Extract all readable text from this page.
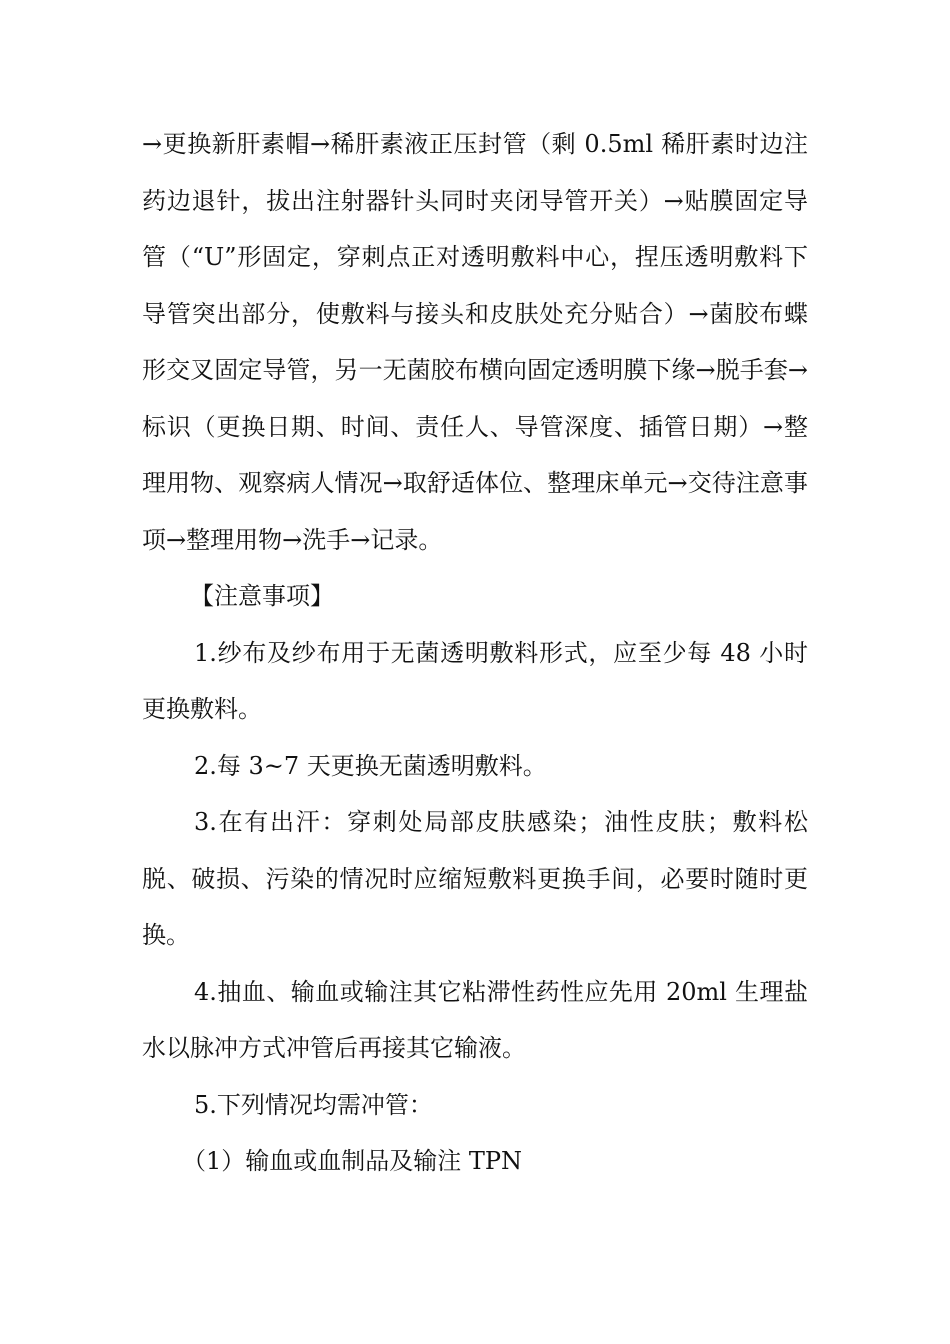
→更换新肝素帽→稀肝素液正压封管（剩 0.5ml 稀肝素时边注药边退针，拔出注射器针头同时夹闭导管开关）→贴膜固定导管（“U”形固定，穿刺点正对透明敷料中心，捏压透明敷料下导管突出部分，使敷料与接头和皮肤处充分贴合）→菌胶布蝶形交叉固定导管，另一无菌胶布横向固定透明膜下缘→脱手套→标识（更换日期、时间、责任人、导管深度、插管日期）→整理用物、观察病人情况→取舒适体位、整理床单元→交待注意事项→整理用物→洗手→记录。

【注意事项】

1.纱布及纱布用于无菌透明敷料形式，应至少每 48 小时更换敷料。

2.每 3~7 天更换无菌透明敷料。

3.在有出汗：穿刺处局部皮肤感染；油性皮肤；敷料松脱、破损、污染的情况时应缩短敷料更换手间，必要时随时更换。

4.抽血、输血或输注其它粘滞性药性应先用 20ml 生理盐水以脉冲方式冲管后再接其它输液。

5.下列情况均需冲管：

（1）输血或血制品及输注 TPN
